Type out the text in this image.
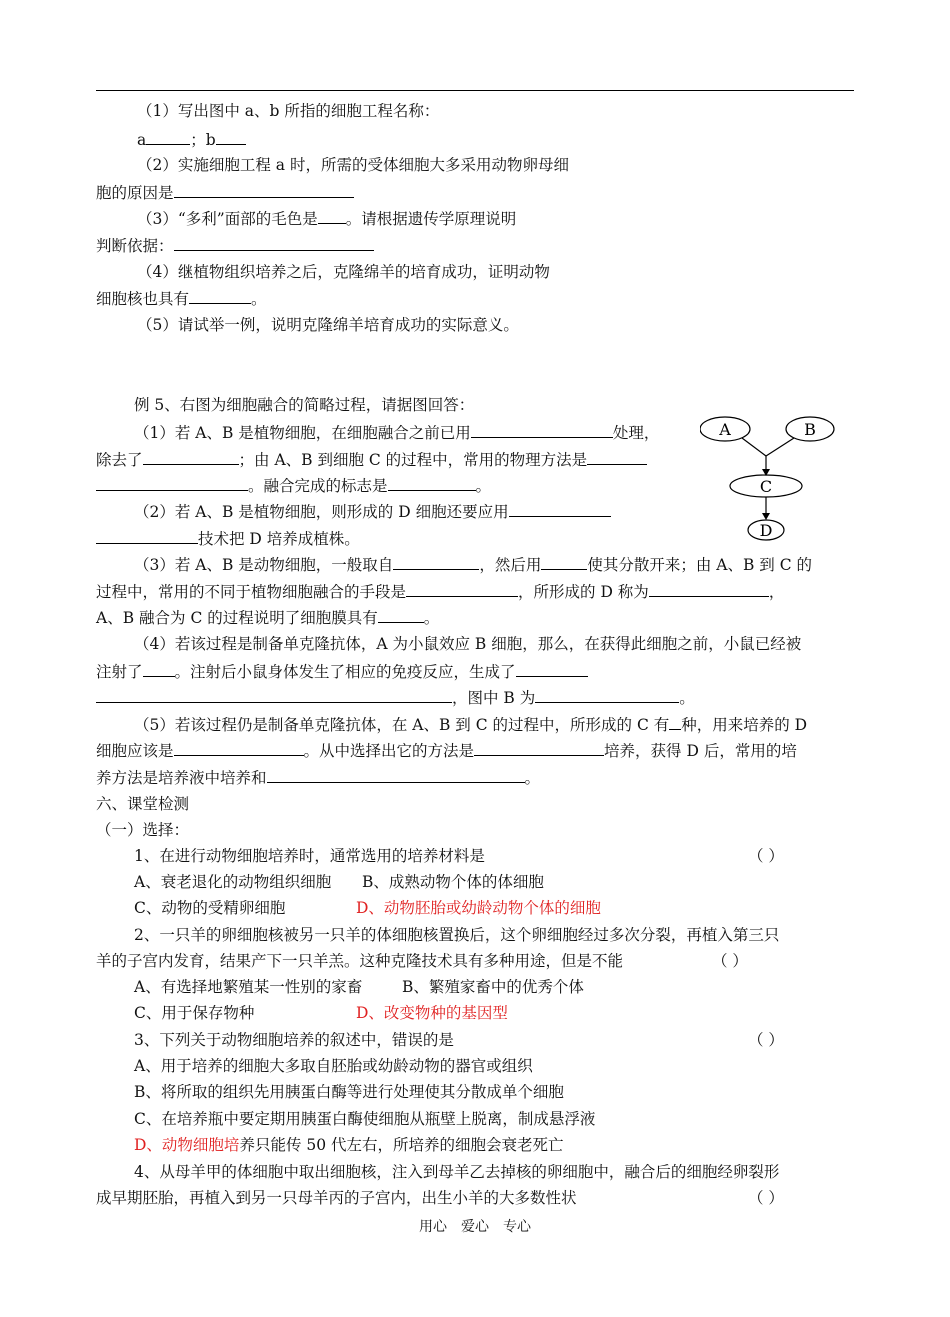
（1）写出图中 a、b 所指的细胞工程名称：
a	；b
（2）实施细胞工程 a 时，所需的受体细胞大多采用动物卵母细
胞的原因是
（3）“多利”面部的毛色是 。请根据遗传学原理说明
判断依据：
（4）继植物组织培养之后，克隆绵羊的培育成功，证明动物
细胞核也具有	。
（5）请试举一例，说明克隆绵羊培育成功的实际意义。
例 5、右图为细胞融合的简略过程，请据图回答：
（1）若 A、B 是植物细胞，在细胞融合之前已用	处理，
除去了	；由 A、B 到细胞 C 的过程中，常用的物理方法是
。融合完成的标志是	。
（2）若 A、B 是植物细胞，则形成的 D 细胞还要应用
技术把 D 培养成植株。
A	B
C
D
（3）若 A、B 是动物细胞，一般取自	，然后用	使其分散开来；由 A、B 到 C 的
过程中，常用的不同于植物细胞融合的手段是	，所形成的 D 称为	，
A、B 融合为 C 的过程说明了细胞膜具有	。
（4）若该过程是制备单克隆抗体，A 为小鼠效应 B 细胞，那么，在获得此细胞之前，小鼠已经被
注射了 。注射后小鼠身体发生了相应的免疫反应，生成了
，图中 B 为	。
（5）若该过程仍是制备单克隆抗体，在 A、B 到 C 的过程中，所形成的 C 有 种，用来培养的 D
细胞应该是	。从中选择出它的方法是	培养，获得 D 后，常用的培
养方法是培养液中培养和	。
六、课堂检测
（一）选择：
1、在进行动物细胞培养时，通常选用的培养材料是	（ ）
A、衰老退化的动物组织细胞 B、成熟动物个体的体细胞
C、动物的受精卵细胞	D、动物胚胎或幼龄动物个体的细胞
2、一只羊的卵细胞核被另一只羊的体细胞核置换后，这个卵细胞经过多次分裂，再植入第三只
羊的子宫内发育，结果产下一只羊羔。这种克隆技术具有多种用途，但是不能	（ ）
A、有选择地繁殖某一性别的家畜	B、繁殖家畜中的优秀个体
C、用于保存物种	D、改变物种的基因型
3、下列关于动物细胞培养的叙述中，错误的是	（ ）
A、用于培养的细胞大多取自胚胎或幼龄动物的器官或组织
B、将所取的组织先用胰蛋白酶等进行处理使其分散成单个细胞
C、在培养瓶中要定期用胰蛋白酶使细胞从瓶壁上脱离，制成悬浮液
D、动物细胞培养只能传 50 代左右，所培养的细胞会衰老死亡
4、从母羊甲的体细胞中取出细胞核，注入到母羊乙去掉核的卵细胞中，融合后的细胞经卵裂形
成早期胚胎，再植入到另一只母羊丙的子宫内，出生小羊的大多数性状	（ ）
用心　爱心　专心
